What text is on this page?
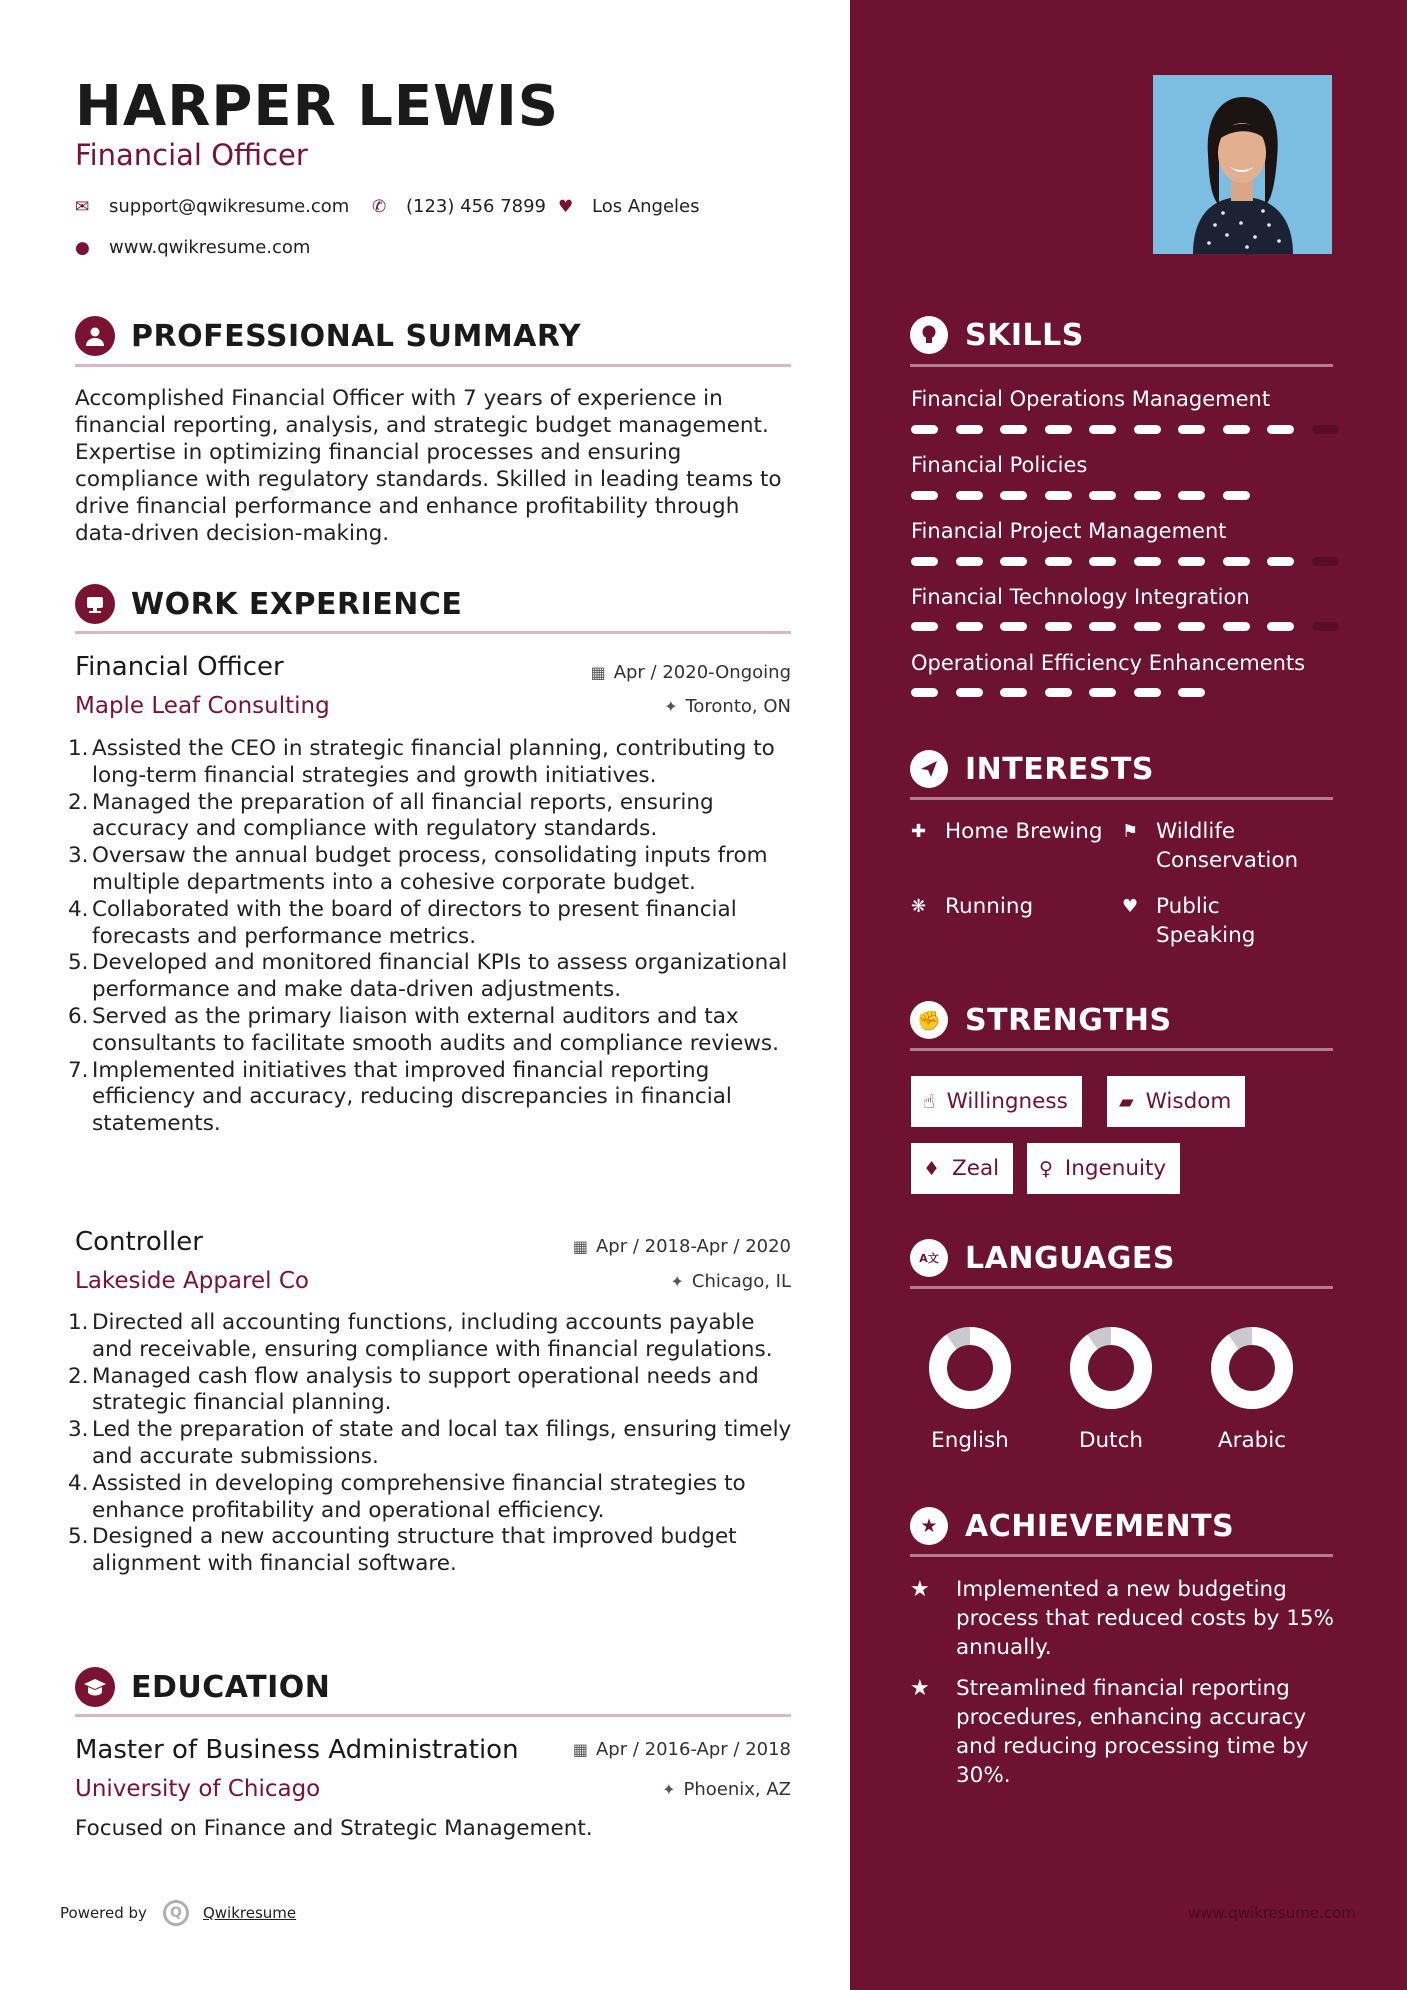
HARPER LEWIS
Financial Officer
✉ support@qwikresume.com ✆ (123) 456 7899 ♥ Los Angeles
● www.qwikresume.com
PROFESSIONAL SUMMARY
Accomplished Financial Officer with 7 years of experience in financial reporting, analysis, and strategic budget management. Expertise in optimizing financial processes and ensuring compliance with regulatory standards. Skilled in leading teams to drive financial performance and enhance profitability through data-driven decision-making.
WORK EXPERIENCE
Financial Officer	▦ Apr / 2020-Ongoing
Maple Leaf Consulting	✦ Toronto, ON
1. Assisted the CEO in strategic financial planning, contributing to long-term financial strategies and growth initiatives.
2. Managed the preparation of all financial reports, ensuring accuracy and compliance with regulatory standards.
3. Oversaw the annual budget process, consolidating inputs from multiple departments into a cohesive corporate budget.
4. Collaborated with the board of directors to present financial forecasts and performance metrics.
5. Developed and monitored financial KPIs to assess organizational performance and make data-driven adjustments.
6. Served as the primary liaison with external auditors and tax consultants to facilitate smooth audits and compliance reviews.
7. Implemented initiatives that improved financial reporting efficiency and accuracy, reducing discrepancies in financial statements.
Controller	▦ Apr / 2018-Apr / 2020
Lakeside Apparel Co	✦ Chicago, IL
1. Directed all accounting functions, including accounts payable and receivable, ensuring compliance with financial regulations.
2. Managed cash flow analysis to support operational needs and strategic financial planning.
3. Led the preparation of state and local tax filings, ensuring timely and accurate submissions.
4. Assisted in developing comprehensive financial strategies to enhance profitability and operational efficiency.
5. Designed a new accounting structure that improved budget alignment with financial software.
EDUCATION
Master of Business Administration	▦ Apr / 2016-Apr / 2018
University of Chicago	✦ Phoenix, AZ
Focused on Finance and Strategic Management.
Powered by	Q	Qwikresume
SKILLS
Financial Operations Management
Financial Policies
Financial Project Management
Financial Technology Integration
Operational Efficiency Enhancements
INTERESTS
✚ Home Brewing ⚑ Wildlife Conservation
❋ Running	♥ Public Speaking
✊ STRENGTHS
☝ Willingness	▰ Wisdom
♦ Zeal ♀ Ingenuity
A文 LANGUAGES
English	Dutch	Arabic
★ ACHIEVEMENTS
★	Implemented a new budgeting process that reduced costs by 15% annually.
★	Streamlined financial reporting procedures, enhancing accuracy and reducing processing time by 30%.
www.qwikresume.com
